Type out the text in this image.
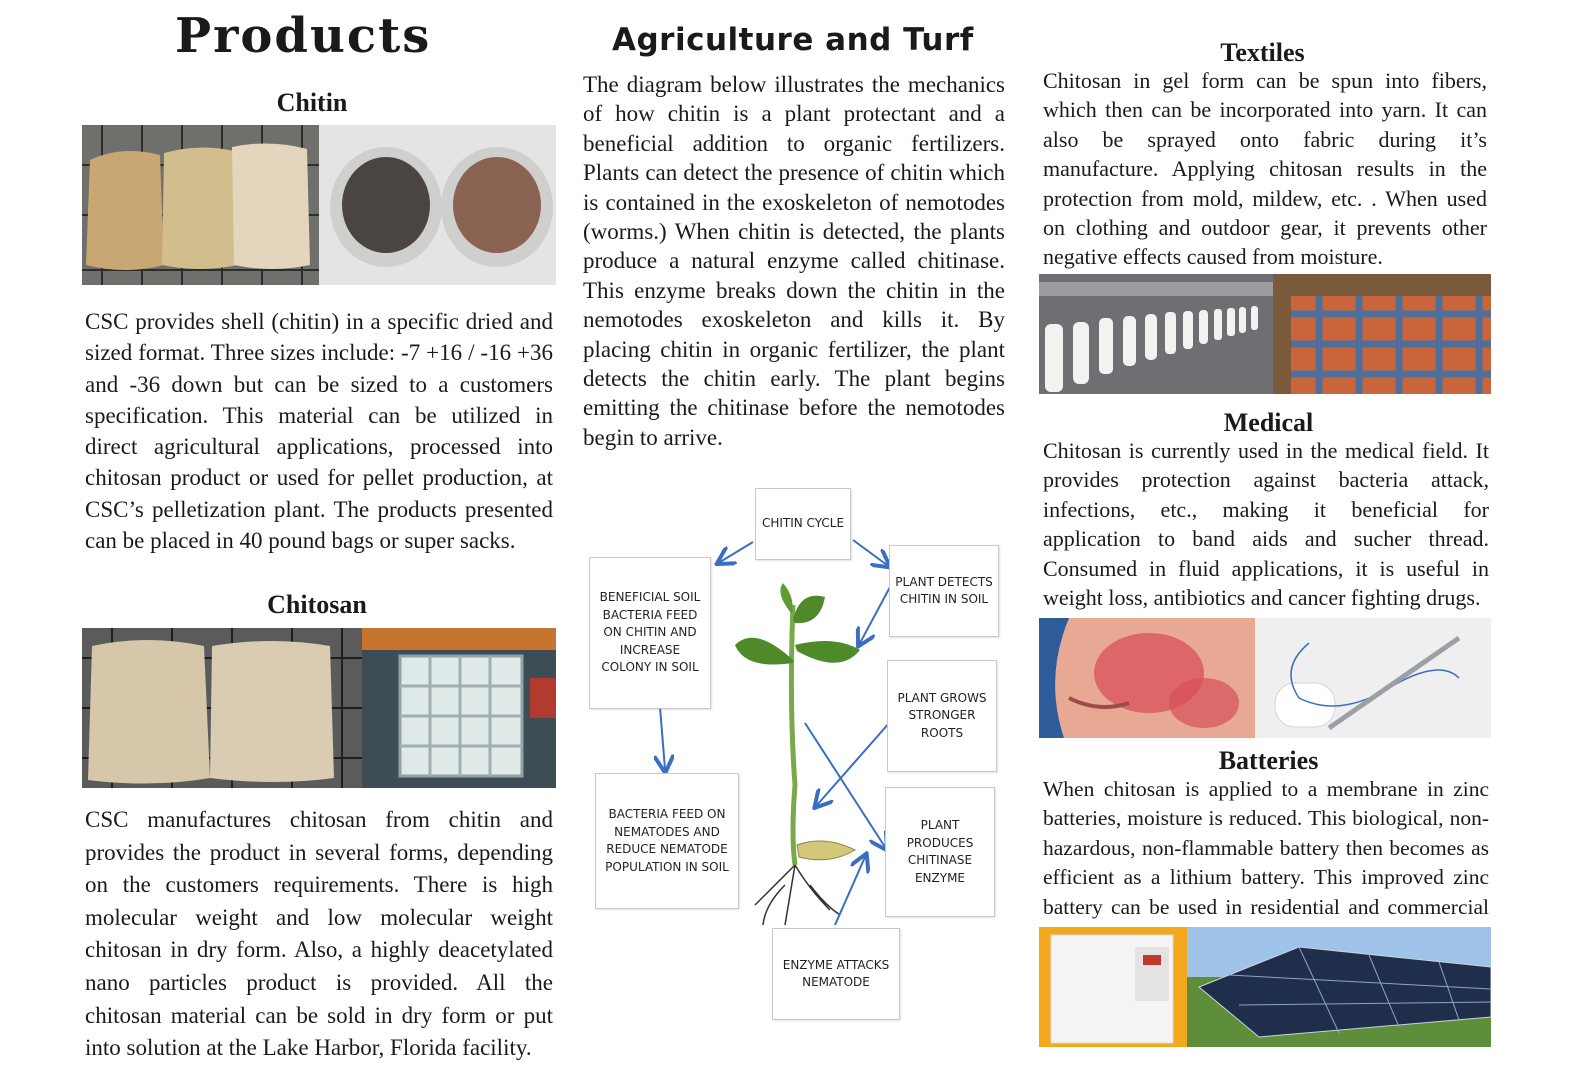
Products
Chitin
CSC provides shell (chitin) in a specific dried and sized format. Three sizes include: -7 +16 / -16 +36 and -36 down but can be sized to a customers specification. This material can be utilized in direct agricultural applications, processed into chitosan product or used for pellet production, at CSC’s pelletization plant. The products presented can be placed in 40 pound bags or super sacks.
Chitosan
CSC manufactures chitosan from chitin and provides the product in several forms, depending on the customers requirements. There is high molecular weight and low molecular weight chitosan in dry form. Also, a highly deacetylated nano particles product is provided. All the chitosan material can be sold in dry form or put into solution at the Lake Harbor, Florida facility.
Agriculture and Turf
The diagram below illustrates the mechanics of how chitin is a plant protectant and a beneficial addition to organic fertilizers. Plants can detect the presence of chitin which is contained in the exoskeleton of nemotodes (worms.) When chitin is detected, the plants produce a natural enzyme called chitinase. This enzyme breaks down the chitin in the nemotodes exoskeleton and kills it. By placing chitin in organic fertilizer, the plant detects the chitin early. The plant begins emitting the chitinase before the nemotodes begin to arrive.
CHITIN CYCLE
BENEFICIAL SOIL BACTERIA FEED ON CHITIN AND INCREASE COLONY IN SOIL
PLANT DETECTS CHITIN IN SOIL
PLANT GROWS STRONGER ROOTS
PLANT PRODUCES CHITINASE ENZYME
BACTERIA FEED ON NEMATODES AND REDUCE NEMATODE POPULATION IN SOIL
ENZYME ATTACKS NEMATODE
Textiles
Chitosan in gel form can be spun into fibers, which then can be incorporated into yarn. It can also be sprayed onto fabric during it’s manufacture. Applying chitosan results in the protection from mold, mildew, etc. . When used on clothing and outdoor gear, it prevents other negative effects caused from moisture.
Medical
Chitosan is currently used in the medical field. It provides protection against bacteria attack, infections, etc., making it beneficial for application to band aids and sucher thread. Consumed in fluid applications, it is useful in weight loss, antibiotics and cancer fighting drugs.
Batteries
When chitosan is applied to a membrane in zinc batteries, moisture is reduced. This biological, non-hazardous, non-flammable battery then becomes as efficient as a lithium battery. This improved zinc battery can be used in residential and commercial
